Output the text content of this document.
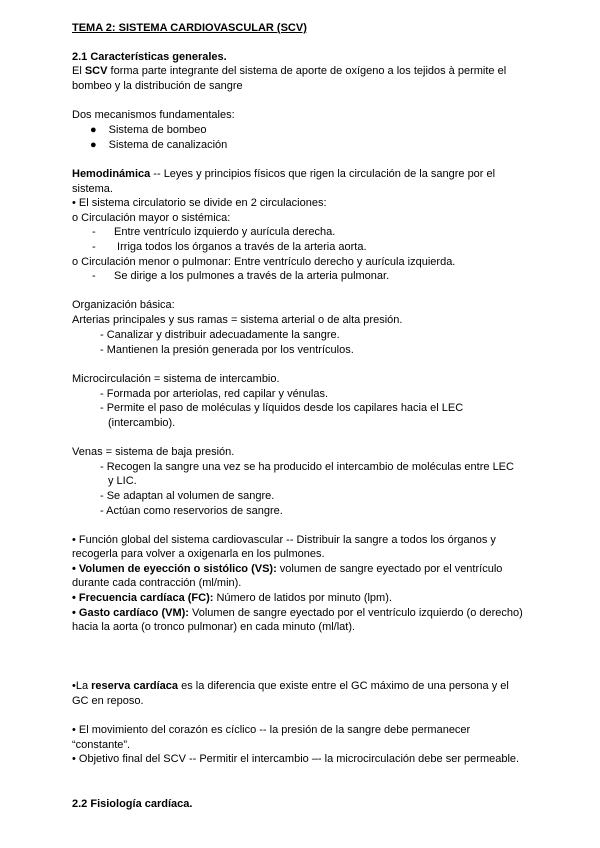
TEMA 2: SISTEMA CARDIOVASCULAR (SCV)
2.1 Características generales.
El SCV forma parte integrante del sistema de aporte de oxígeno a los tejidos à permite el
bombeo y la distribución de sangre
Dos mecanismos fundamentales:
● Sistema de bombeo
● Sistema de canalización
Hemodinámica -- Leyes y principios físicos que rigen la circulación de la sangre por el
sistema.
• El sistema circulatorio se divide en 2 circulaciones:
o Circulación mayor o sistémica:
-      Entre ventrículo izquierdo y aurícula derecha.
-       Irriga todos los órganos a través de la arteria aorta.
o Circulación menor o pulmonar: Entre ventrículo derecho y aurícula izquierda.
-      Se dirige a los pulmones a través de la arteria pulmonar.
Organización básica:
Arterias principales y sus ramas = sistema arterial o de alta presión.
- Canalizar y distribuir adecuadamente la sangre.
- Mantienen la presión generada por los ventrículos.
Microcirculación = sistema de intercambio.
- Formada por arteriolas, red capilar y vénulas.
- Permite el paso de moléculas y líquidos desde los capilares hacia el LEC
(intercambio).
Venas = sistema de baja presión.
- Recogen la sangre una vez se ha producido el intercambio de moléculas entre LEC
y LIC.
- Se adaptan al volumen de sangre.
- Actúan como reservorios de sangre.
• Función global del sistema cardiovascular -- Distribuir la sangre a todos los órganos y
recogerla para volver a oxigenarla en los pulmones.
• Volumen de eyección o sistólico (VS): volumen de sangre eyectado por el ventrículo
durante cada contracción (ml/min).
• Frecuencia cardíaca (FC): Número de latidos por minuto (lpm).
• Gasto cardíaco (VM): Volumen de sangre eyectado por el ventrículo izquierdo (o derecho)
hacia la aorta (o tronco pulmonar) en cada minuto (ml/lat).
•La reserva cardíaca es la diferencia que existe entre el GC máximo de una persona y el
GC en reposo.
• El movimiento del corazón es cíclico -- la presión de la sangre debe permanecer
“constante”.
• Objetivo final del SCV -- Permitir el intercambio –- la microcirculación debe ser permeable.
2.2 Fisiología cardíaca.
